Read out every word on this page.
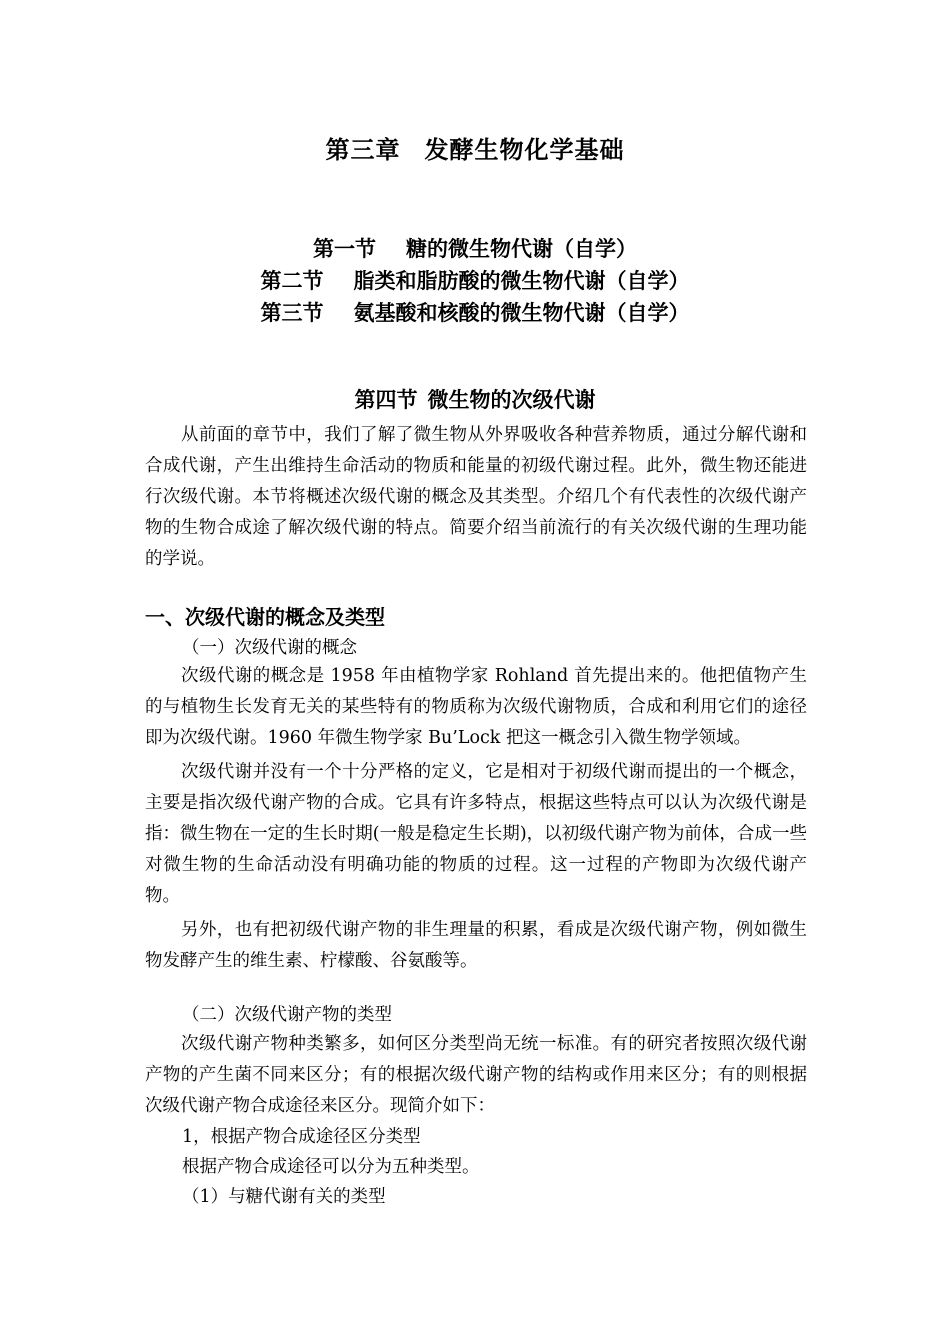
第三章 发酵生物化学基础
第一节 糖的微生物代谢（自学）
第二节 脂类和脂肪酸的微生物代谢（自学）
第三节 氨基酸和核酸的微生物代谢（自学）
第四节 微生物的次级代谢

从前面的章节中，我们了解了微生物从外界吸收各种营养物质，通过分解代谢和合成代谢，产生出维持生命活动的物质和能量的初级代谢过程。此外，微生物还能进行次级代谢。本节将概述次级代谢的概念及其类型。介绍几个有代表性的次级代谢产物的生物合成途了解次级代谢的特点。简要介绍当前流行的有关次级代谢的生理功能的学说。

一、次级代谢的概念及类型
（一）次级代谢的概念

次级代谢的概念是 1958 年由植物学家 Rohland 首先提出来的。他把值物产生的与植物生长发育无关的某些特有的物质称为次级代谢物质，合成和利用它们的途径即为次级代谢。1960 年微生物学家 Bu’Lock 把这一概念引入微生物学领域。

次级代谢并没有一个十分严格的定义，它是相对于初级代谢而提出的一个概念，主要是指次级代谢产物的合成。它具有许多特点，根据这些特点可以认为次级代谢是指：微生物在一定的生长时期(一般是稳定生长期)，以初级代谢产物为前体，合成一些对微生物的生命活动没有明确功能的物质的过程。这一过程的产物即为次级代谢产物。

另外，也有把初级代谢产物的非生理量的积累，看成是次级代谢产物，例如微生物发酵产生的维生素、柠檬酸、谷氨酸等。

（二）次级代谢产物的类型

次级代谢产物种类繁多，如何区分类型尚无统一标准。有的研究者按照次级代谢产物的产生菌不同来区分；有的根据次级代谢产物的结构或作用来区分；有的则根据次级代谢产物合成途径来区分。现简介如下：

1，根据产物合成途径区分类型
根据产物合成途径可以分为五种类型。
（1）与糖代谢有关的类型
